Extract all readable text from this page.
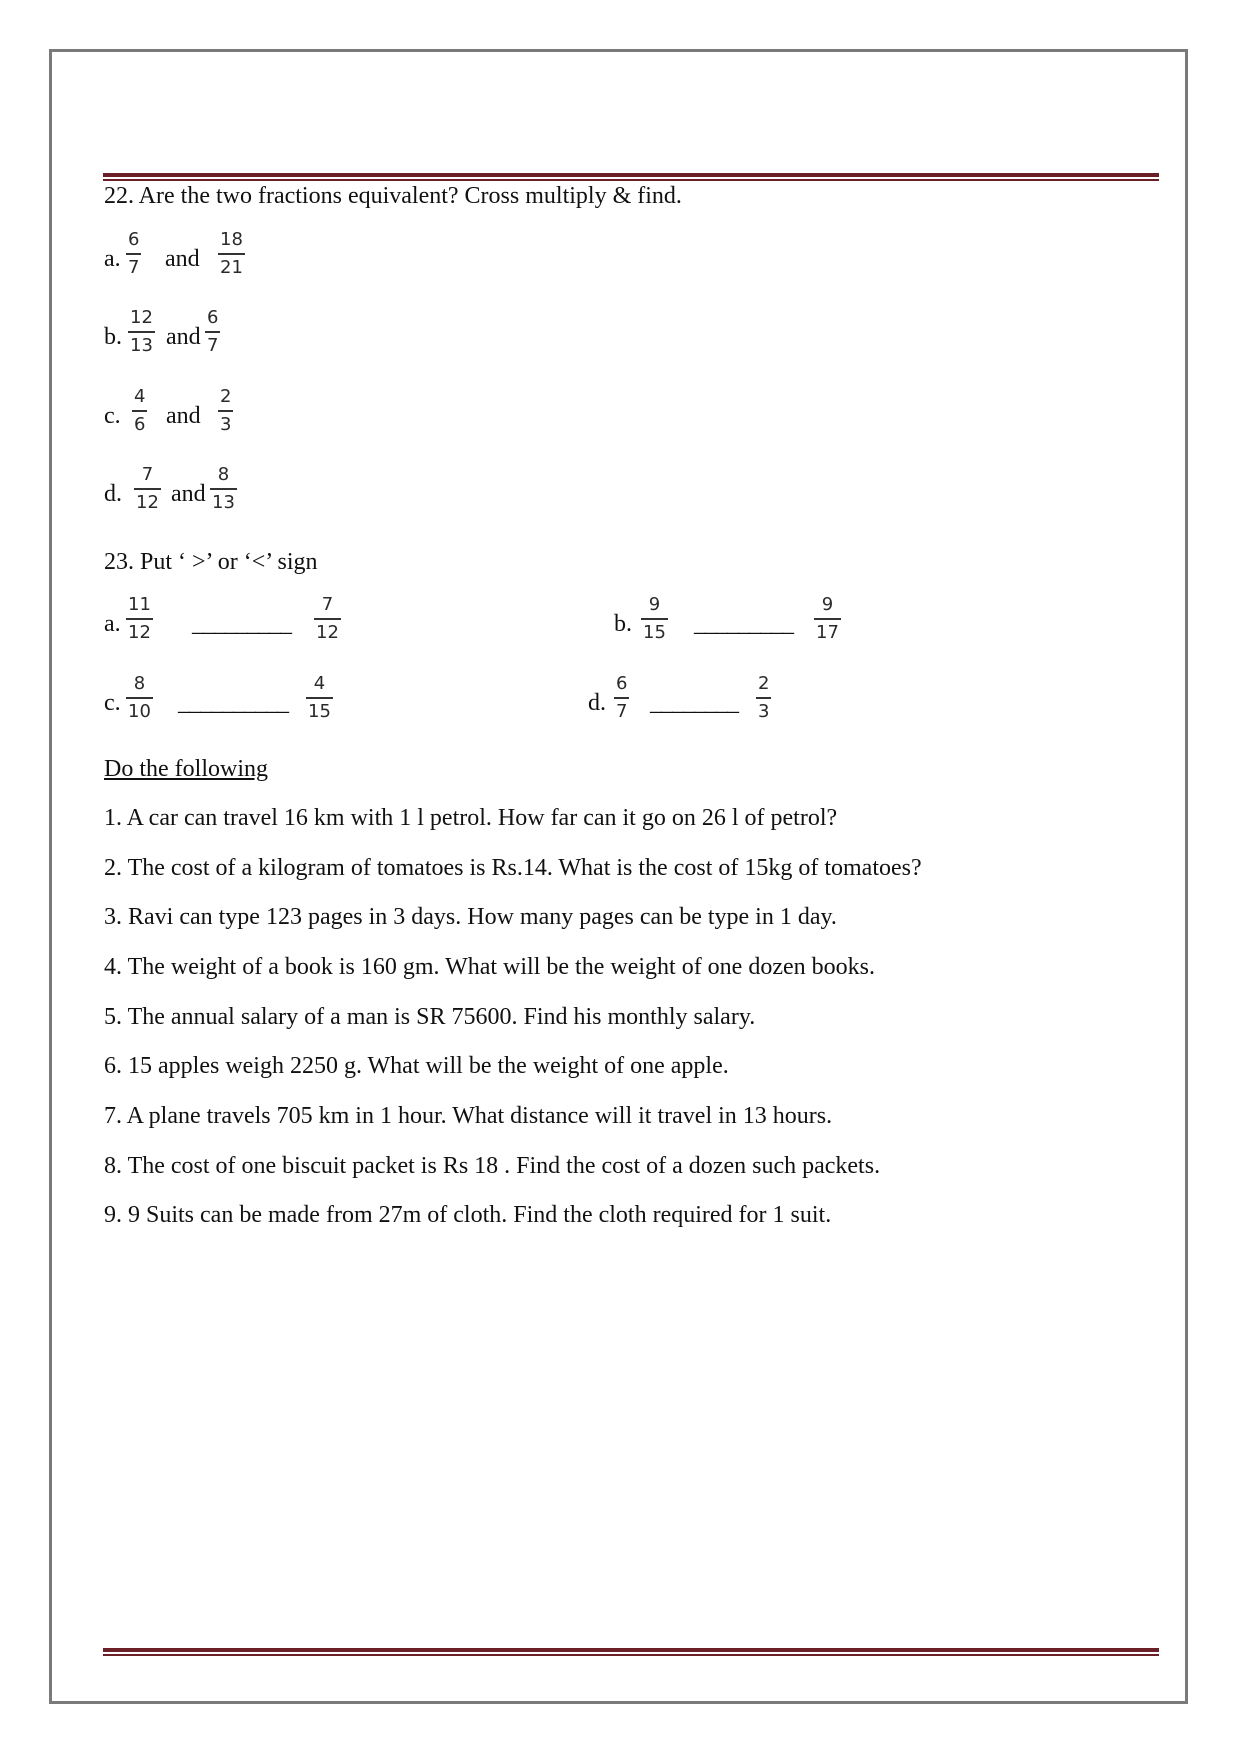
22. Are the two fractions equivalent? Cross multiply & find.
a.
6
7 and
18
21
b.
12
13 and
6
7
c.
4
6 and
2
3
d.
7
12 and
8
13
23. Put ‘ >’ or ‘<’ sign
a.
11
12 _________
7
12	b.
9
15 _________
9
17
c.
8
10 __________
4
15	d.
6
7 ________
2
3
Do the following
1. A car can travel 16 km with 1 l petrol. How far can it go on 26 l of petrol?
2. The cost of a kilogram of tomatoes is Rs.14. What is the cost of 15kg of tomatoes?
3. Ravi can type 123 pages in 3 days. How many pages can be type in 1 day.
4. The weight of a book is 160 gm. What will be the weight of one dozen books.
5. The annual salary of a man is SR 75600. Find his monthly salary.
6. 15 apples weigh 2250 g. What will be the weight of one apple.
7. A plane travels 705 km in 1 hour. What distance will it travel in 13 hours.
8. The cost of one biscuit packet is Rs 18 . Find the cost of a dozen such packets.
9. 9 Suits can be made from 27m of cloth. Find the cloth required for 1 suit.
